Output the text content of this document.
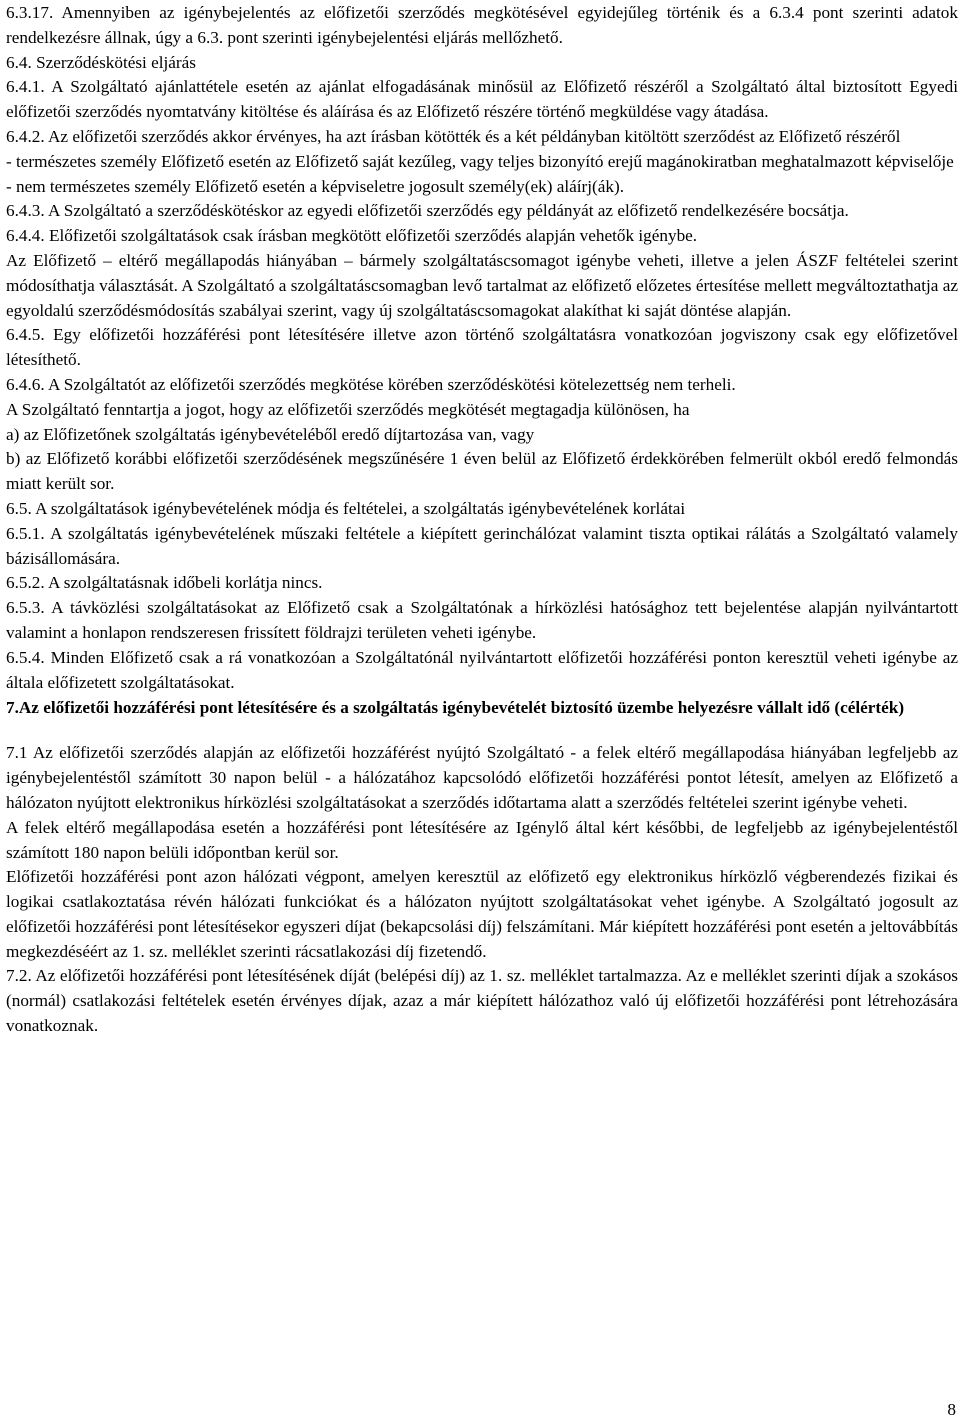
6.3.17. Amennyiben az igénybejelentés az előfizetői szerződés megkötésével egyidejűleg történik és a 6.3.4 pont szerinti adatok rendelkezésre állnak, úgy a 6.3. pont szerinti igénybejelentési eljárás mellőzhető.

6.4. Szerződéskötési eljárás

6.4.1. A Szolgáltató ajánlattétele esetén az ajánlat elfogadásának minősül az Előfizető részéről a Szolgáltató által biztosított Egyedi előfizetői szerződés nyomtatvány kitöltése és aláírása és az Előfizető részére történő megküldése vagy átadása.

6.4.2. Az előfizetői szerződés akkor érvényes, ha azt írásban kötötték és a két példányban kitöltött szerződést az Előfizető részéről

- természetes személy Előfizető esetén az Előfizető saját kezűleg, vagy teljes bizonyító erejű magánokiratban meghatalmazott képviselője

- nem természetes személy Előfizető esetén a képviseletre jogosult személy(ek) aláírj(ák).

6.4.3. A Szolgáltató a szerződéskötéskor az egyedi előfizetői szerződés egy példányát az előfizető rendelkezésére bocsátja.

6.4.4. Előfizetői szolgáltatások csak írásban megkötött előfizetői szerződés alapján vehetők igénybe.

Az Előfizető – eltérő megállapodás hiányában – bármely szolgáltatáscsomagot igénybe veheti, illetve a jelen ÁSZF feltételei szerint módosíthatja választását. A Szolgáltató a szolgáltatáscsomagban levő tartalmat az előfizető előzetes értesítése mellett megváltoztathatja az egyoldalú szerződésmódosítás szabályai szerint, vagy új szolgáltatáscsomagokat alakíthat ki saját döntése alapján.

6.4.5. Egy előfizetői hozzáférési pont létesítésére illetve azon történő szolgáltatásra vonatkozóan jogviszony csak egy előfizetővel létesíthető.

6.4.6. A Szolgáltatót az előfizetői szerződés megkötése körében szerződéskötési kötelezettség nem terheli.

A Szolgáltató fenntartja a jogot, hogy az előfizetői szerződés megkötését megtagadja különösen, ha

a) az Előfizetőnek szolgáltatás igénybevételéből eredő díjtartozása van, vagy

b) az Előfizető korábbi előfizetői szerződésének megszűnésére 1 éven belül az Előfizető érdekkörében felmerült okból eredő felmondás miatt került sor.

6.5. A szolgáltatások igénybevételének módja és feltételei, a szolgáltatás igénybevételének korlátai

6.5.1. A szolgáltatás igénybevételének műszaki feltétele a kiépített gerinchálózat valamint tiszta optikai rálátás a Szolgáltató valamely bázisállomására.

6.5.2. A szolgáltatásnak időbeli korlátja nincs.

6.5.3. A távközlési szolgáltatásokat az Előfizető csak a Szolgáltatónak a hírközlési hatósághoz tett bejelentése alapján nyilvántartott valamint a honlapon rendszeresen frissített földrajzi területen veheti igénybe.

6.5.4. Minden Előfizető csak a rá vonatkozóan a Szolgáltatónál nyilvántartott előfizetői hozzáférési ponton keresztül veheti igénybe az általa előfizetett szolgáltatásokat.

7.Az előfizetői hozzáférési pont létesítésére és a szolgáltatás igénybevételét biztosító üzembe helyezésre vállalt idő (célérték)

7.1 Az előfizetői szerződés alapján az előfizetői hozzáférést nyújtó Szolgáltató - a felek eltérő megállapodása hiányában legfeljebb az igénybejelentéstől számított 30 napon belül - a hálózatához kapcsolódó előfizetői hozzáférési pontot létesít, amelyen az Előfizető a hálózaton nyújtott elektronikus hírközlési szolgáltatásokat a szerződés időtartama alatt a szerződés feltételei szerint igénybe veheti.

A felek eltérő megállapodása esetén a hozzáférési pont létesítésére az Igénylő által kért későbbi, de legfeljebb az igénybejelentéstől számított 180 napon belüli időpontban kerül sor.

Előfizetői hozzáférési pont azon hálózati végpont, amelyen keresztül az előfizető egy elektronikus hírközlő végberendezés fizikai és logikai csatlakoztatása révén hálózati funkciókat és a hálózaton nyújtott szolgáltatásokat vehet igénybe. A Szolgáltató jogosult az előfizetői hozzáférési pont létesítésekor egyszeri díjat (bekapcsolási díj) felszámítani. Már kiépített hozzáférési pont esetén a jeltovábbítás megkezdéséért az 1. sz. melléklet szerinti rácsatlakozási díj fizetendő.

7.2. Az előfizetői hozzáférési pont létesítésének díját (belépési díj) az 1. sz. melléklet tartalmazza. Az e melléklet szerinti díjak a szokásos (normál) csatlakozási feltételek esetén érvényes díjak, azaz a már kiépített hálózathoz való új előfizetői hozzáférési pont létrehozására vonatkoznak.

8
